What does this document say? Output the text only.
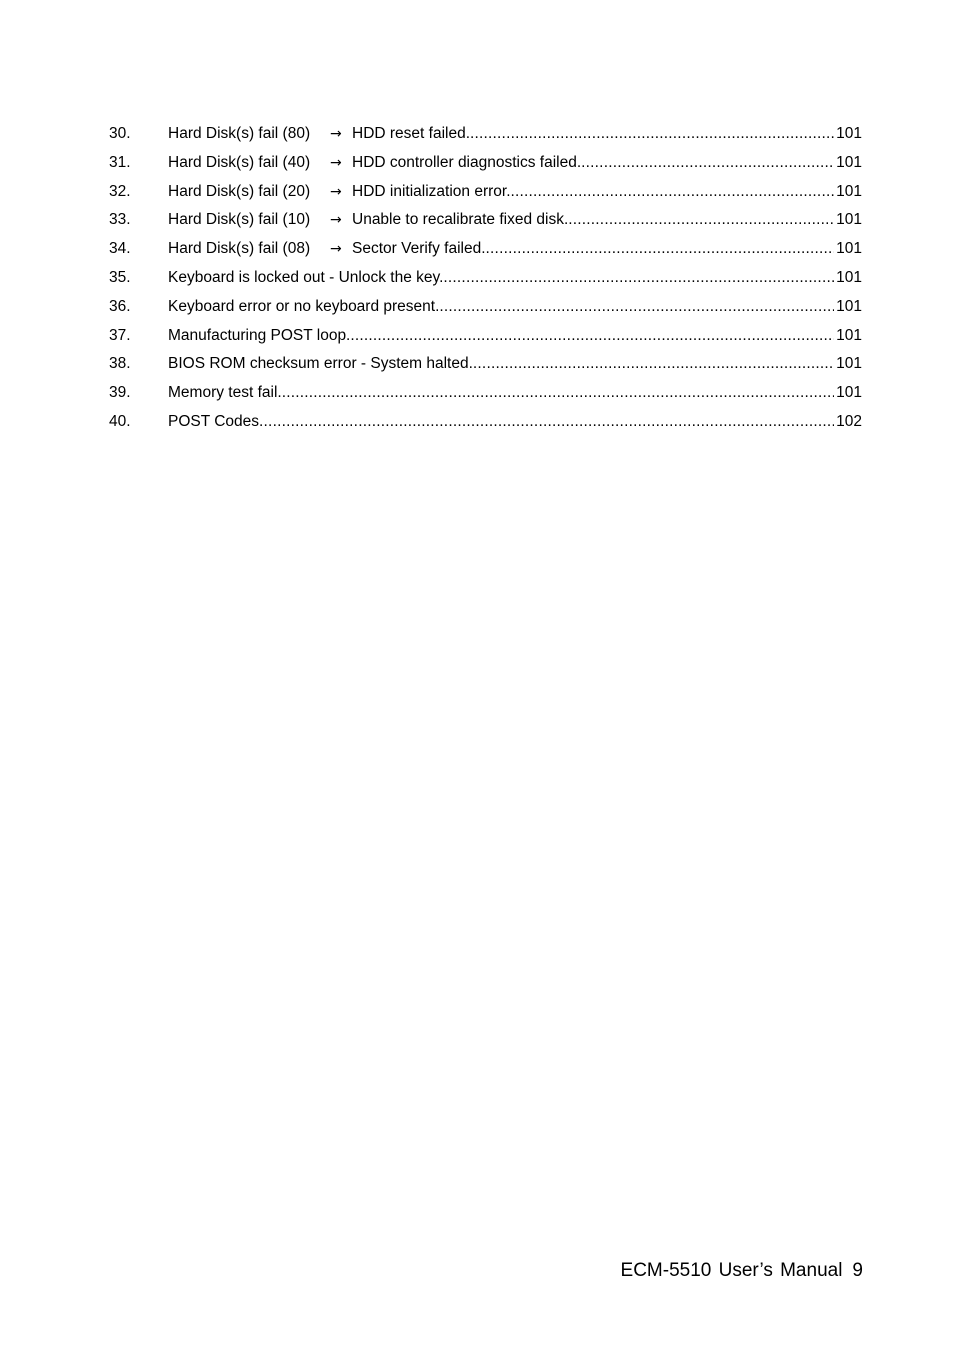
30.	Hard Disk(s) fail (80)	→ HDD reset failed. .....	101
31.	Hard Disk(s) fail (40)	→ HDD controller diagnostics failed. .....	101
32.	Hard Disk(s) fail (20)	→ HDD initialization error. .....	101
33.	Hard Disk(s) fail (10)	→ Unable to recalibrate fixed disk. .....	101
34.	Hard Disk(s) fail (08)	→ Sector Verify failed. .....	101
35.	Keyboard is locked out - Unlock the key. .....	101
36.	Keyboard error or no keyboard present. .....	101
37.	Manufacturing POST loop. .....	101
38.	BIOS ROM checksum error - System halted. .....	101
39.	Memory test fail. .....	101
40.	POST Codes .....	102
ECM-5510 User’s Manual 9
